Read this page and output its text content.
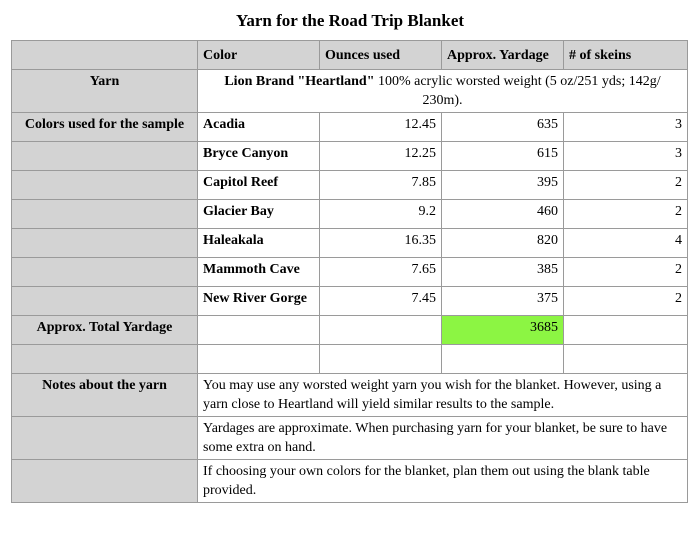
Yarn for the Road Trip Blanket
	Color	Ounces used	Approx. Yardage	# of skeins
Yarn	Lion Brand "Heartland" 100% acrylic worsted weight (5 oz/251 yds; 142g/ 230m).			
Colors used for the sample	Acadia	12.45	635	3
	Bryce Canyon	12.25	615	3
	Capitol Reef	7.85	395	2
	Glacier Bay	9.2	460	2
	Haleakala	16.35	820	4
	Mammoth Cave	7.65	385	2
	New River Gorge	7.45	375	2
Approx. Total Yardage			3685	

Notes about the yarn	You may use any worsted weight yarn you wish for the blanket. However, using a yarn close to Heartland will yield similar results to the sample.			
	Yardages are approximate. When purchasing yarn for your blanket, be sure to have some extra on hand.			
	If choosing your own colors for the blanket, plan them out using the blank table provided.			
